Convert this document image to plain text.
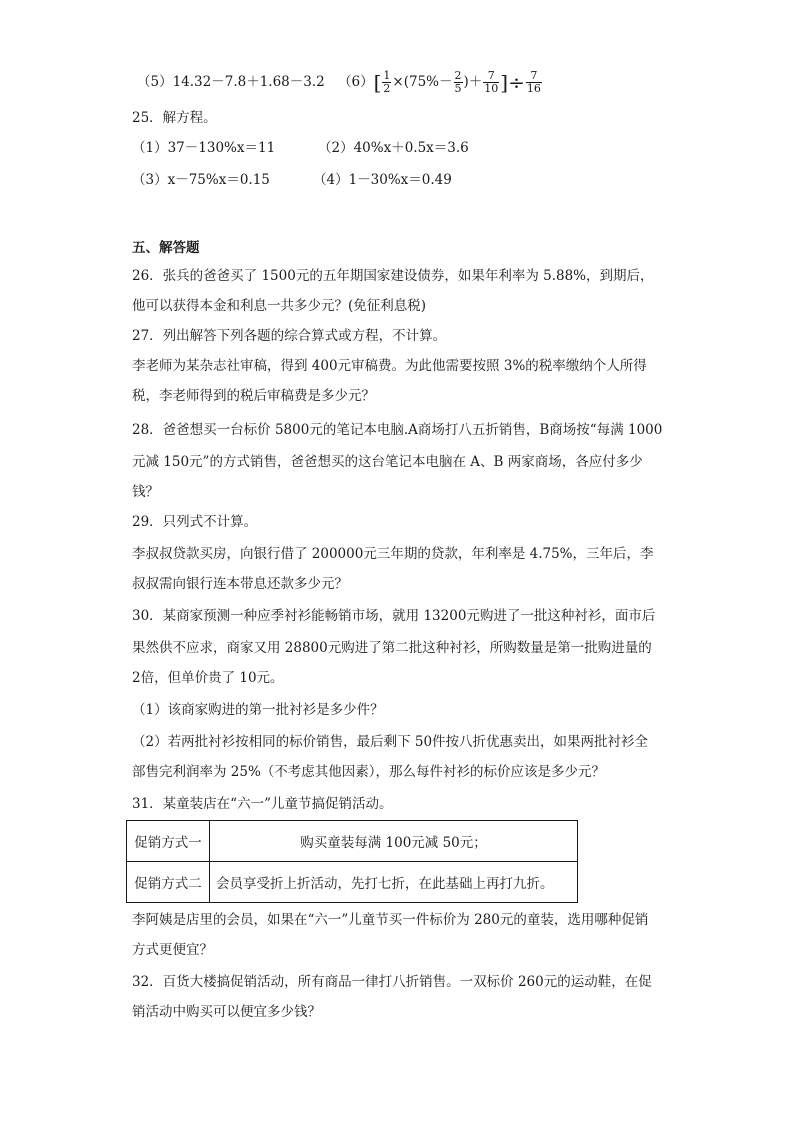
（5）14.32－7.8＋1.68－3.2 $(6)[ \frac{1}{2} \times(75\%- \frac{2}{5}$ )＋ $\frac{7}{10}$ ]÷ $\frac{7}{16}$
25．解方程。
（1）37－130%x＝11	（2）40%x＋0.5x＝3.6
（3）x－75%x＝0.15	（4）1－30%x＝0.49
五、解答题
26．张兵的爸爸买了 1500元的五年期国家建设债券，如果年利率为 5.88%，到期后，
他可以获得本金和利息一共多少元？(免征利息税)
27．列出解答下列各题的综合算式或方程，不计算。
李老师为某杂志社审稿，得到 400元审稿费。为此他需要按照 3%的税率缴纳个人所得
税，李老师得到的税后审稿费是多少元？
28．爸爸想买一台标价 5800元的笔记本电脑.A商场打八五折销售，B商场按“每满 1000
元减 150元”的方式销售，爸爸想买的这台笔记本电脑在 A、B 两家商场，各应付多少
钱？
29．只列式不计算。
李叔叔贷款买房，向银行借了 200000元三年期的贷款，年利率是 4.75%，三年后，李
叔叔需向银行连本带息还款多少元？
30．某商家预测一种应季衬衫能畅销市场，就用 13200元购进了一批这种衬衫，面市后
果然供不应求，商家又用 28800元购进了第二批这种衬衫，所购数量是第一批购进量的
2倍，但单价贵了 10元。
（1）该商家购进的第一批衬衫是多少件？
（2）若两批衬衫按相同的标价销售，最后剩下 50件按八折优惠卖出，如果两批衬衫全
部售完利润率为 25%（不考虑其他因素），那么每件衬衫的标价应该是多少元？
31．某童装店在“六一”儿童节搞促销活动。
促销方式一	购买童装每满 100元减 50元；
促销方式二	会员享受折上折活动，先打七折，在此基础上再打九折。
李阿姨是店里的会员，如果在“六一”儿童节买一件标价为 280元的童装，选用哪种促销
方式更便宜？
32．百货大楼搞促销活动，所有商品一律打八折销售。一双标价 260元的运动鞋，在促
销活动中购买可以便宜多少钱？
